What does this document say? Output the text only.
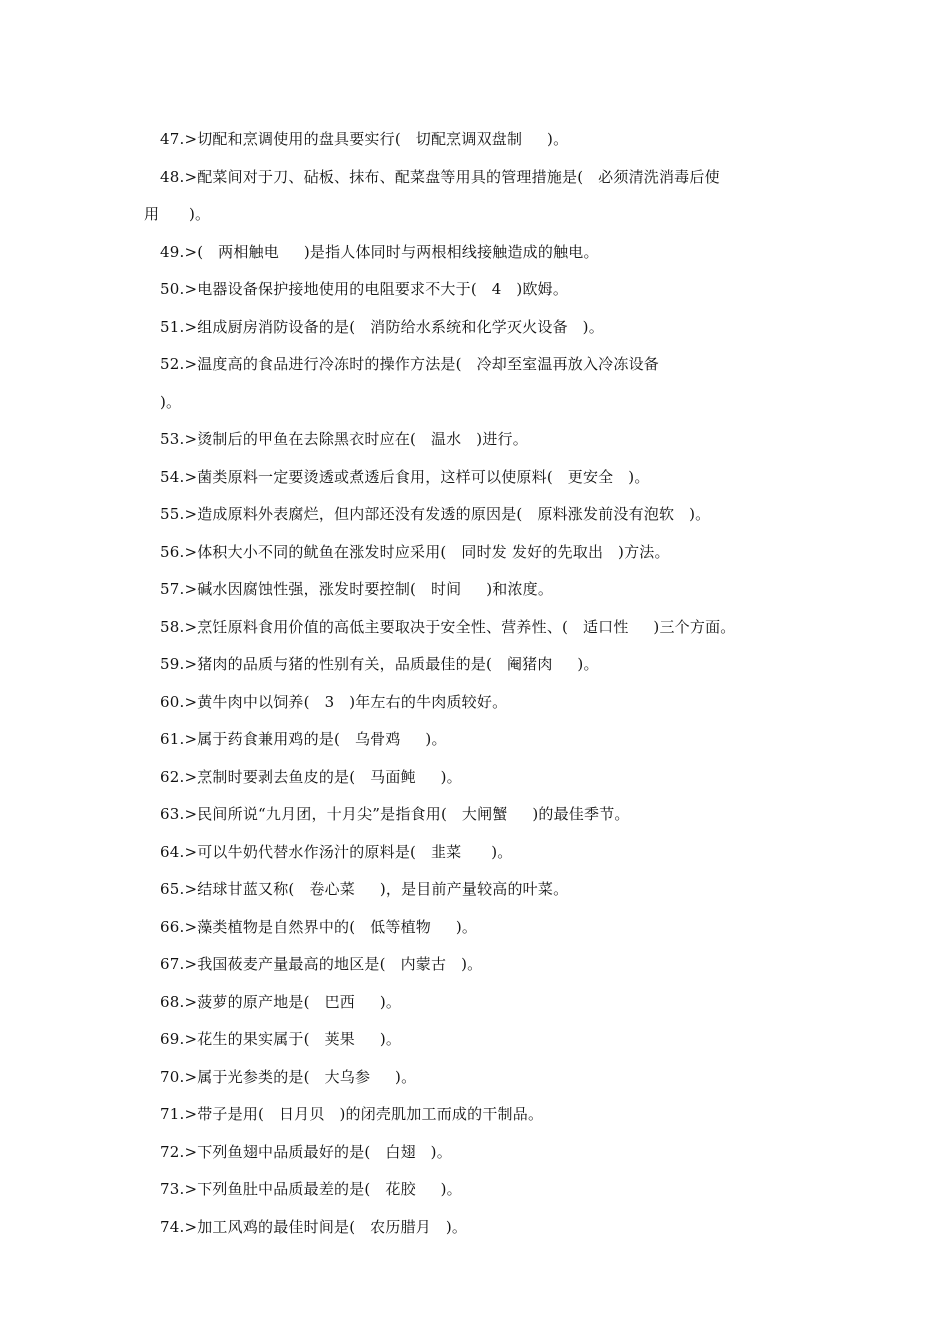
47.>切配和烹调使用的盘具要实行(   切配烹调双盘制     )。
48.>配菜间对于刀、砧板、抹布、配菜盘等用具的管理措施是(   必须清洗消毒后使
用      )。
49.>(   两相触电     )是指人体同时与两根相线接触造成的触电。
50.>电器设备保护接地使用的电阻要求不大于(   4   )欧姆。
51.>组成厨房消防设备的是(   消防给水系统和化学灭火设备   )。
52.>温度高的食品进行冷冻时的操作方法是(   冷却至室温再放入冷冻设备
)。
53.>烫制后的甲鱼在去除黑衣时应在(   温水   )进行。
54.>菌类原料一定要烫透或煮透后食用，这样可以使原料(   更安全   )。
55.>造成原料外表腐烂，但内部还没有发透的原因是(   原料涨发前没有泡软   )。
56.>体积大小不同的鱿鱼在涨发时应采用(   同时发 发好的先取出   )方法。
57.>碱水因腐蚀性强，涨发时要控制(   时间     )和浓度。
58.>烹饪原料食用价值的高低主要取决于安全性、营养性、(   适口性     )三个方面。
59.>猪肉的品质与猪的性别有关，品质最佳的是(   阉猪肉     )。
60.>黄牛肉中以饲养(   3   )年左右的牛肉质较好。
61.>属于药食兼用鸡的是(   乌骨鸡     )。
62.>烹制时要剥去鱼皮的是(   马面鲀     )。
63.>民间所说“九月团，十月尖”是指食用(   大闸蟹     )的最佳季节。
64.>可以牛奶代替水作汤汁的原料是(   韭菜      )。
65.>结球甘蓝又称(   卷心菜     )，是目前产量较高的叶菜。
66.>藻类植物是自然界中的(   低等植物     )。
67.>我国莜麦产量最高的地区是(   内蒙古   )。
68.>菠萝的原产地是(   巴西     )。
69.>花生的果实属于(   荚果     )。
70.>属于光参类的是(   大乌参     )。
71.>带子是用(   日月贝   )的闭壳肌加工而成的干制品。
72.>下列鱼翅中品质最好的是(   白翅   )。
73.>下列鱼肚中品质最差的是(   花胶     )。
74.>加工风鸡的最佳时间是(   农历腊月   )。
